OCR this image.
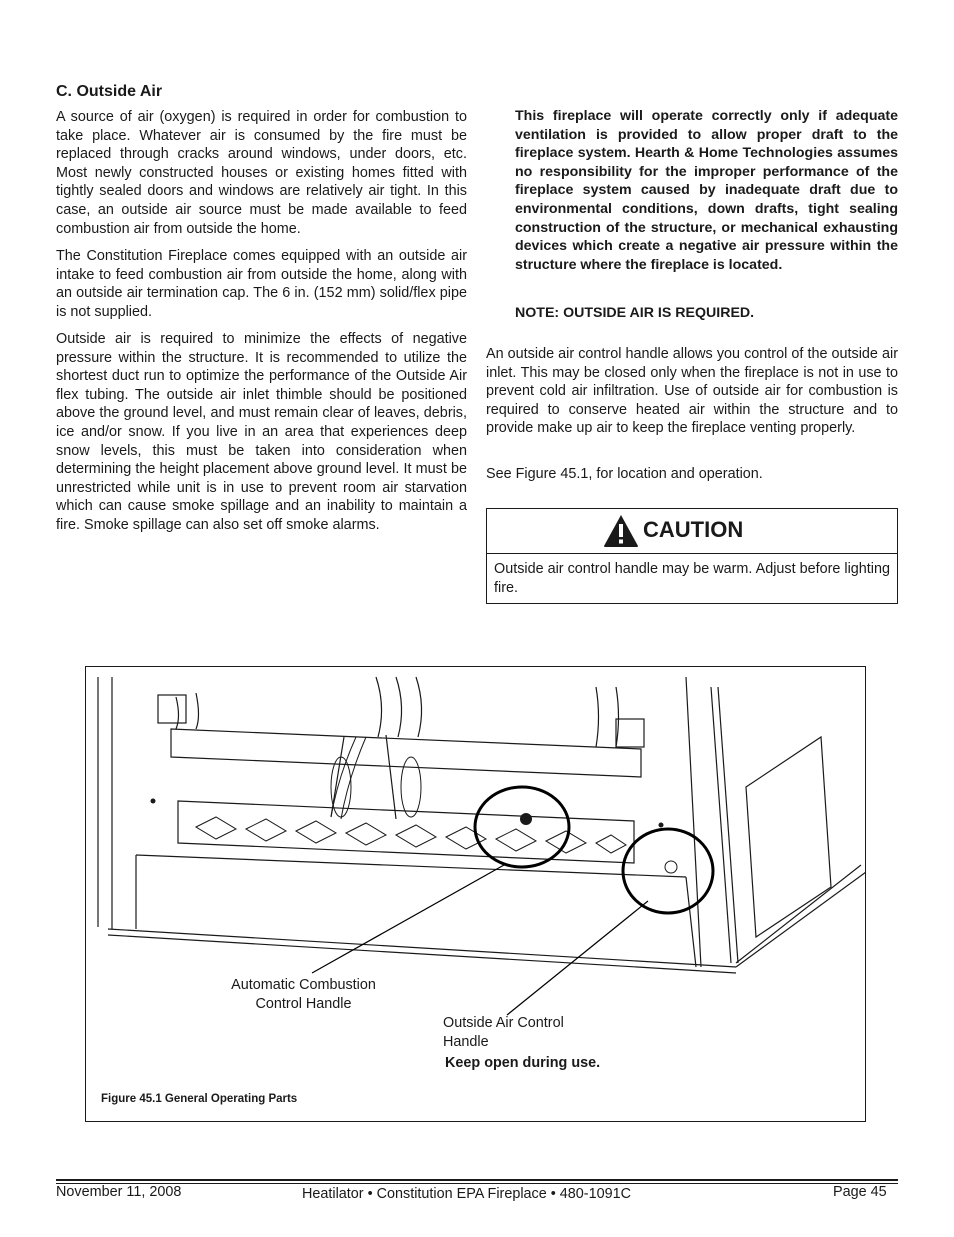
C. Outside Air

A source of air (oxygen) is required in order for combustion to take place. Whatever air is consumed by the fire must be replaced through cracks around windows, under doors, etc. Most newly constructed houses or existing homes fitted with tightly sealed doors and windows are relatively air tight. In this case, an outside air source must be made available to feed combustion air from outside the home.

The Constitution Fireplace comes equipped with an outside air intake to feed combustion air from outside the home, along with an outside air termination cap. The 6 in. (152 mm) solid/flex pipe is not supplied.

Outside air is required to minimize the effects of negative pressure within the structure. It is recommended to utilize the shortest duct run to optimize the performance of the Outside Air flex tubing. The outside air inlet thimble should be positioned above the ground level, and must remain clear of leaves, debris, ice and/or snow. If you live in an area that experiences deep snow levels, this must be taken into consideration when determining the height placement above ground level. It must be unrestricted while unit is in use to prevent room air starvation which can cause smoke spillage and an inability to maintain a fire. Smoke spillage can also set off smoke alarms.

This fireplace will operate correctly only if adequate ventilation is provided to allow proper draft to the fireplace system. Hearth & Home Technologies assumes no responsibility for the improper performance of the fireplace system caused by inadequate draft due to environmental conditions, down drafts, tight sealing construction of the structure, or mechanical exhausting devices which create a negative air pressure within the structure where the fireplace is located.
NOTE: OUTSIDE AIR IS REQUIRED.

An outside air control handle allows you control of the outside air inlet. This may be closed only when the fireplace is not in use to prevent cold air infiltration. Use of outside air for combustion is required to conserve heated air within the structure and to provide make up air to keep the fireplace venting properly.

See Figure 45.1, for location and operation.

CAUTION
Outside air control handle may be warm. Adjust before lighting fire.
Automatic Combustion
Control Handle
Outside Air Control
Handle
Keep open during use.
Figure 45.1 General Operating Parts
November 11, 2008	Heatilator • Constitution EPA Fireplace • 480-1091C	Page 45
